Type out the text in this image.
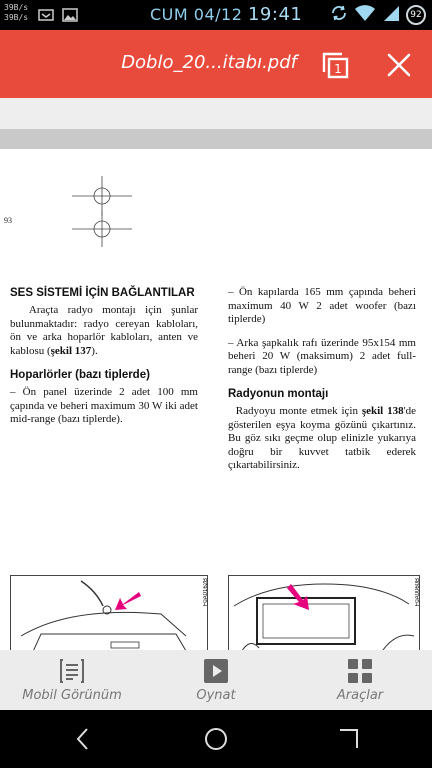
39B/s
39B/s	CUM 04/12 19:41	92
Doblo_20...itabı.pdf	1
93
SES SİSTEMİ İÇİN BAĞLANTILAR

Araçta radyo montajı için şunlar bulunmaktadır: radyo cereyan kabloları, ön ve arka hoparlör kabloları, anten ve kablosu (şekil 137).

Hoparlörler (bazı tiplerde)

– Ön panel üzerinde 2 adet 100 mm çapında ve beheri maximum 30 W iki adet mid-range (bazı tiplerde).

– Ön kapılarda 165 mm çapında beheri maximum 40 W 2 adet woofer (bazı tiplerde)

– Arka şapkalık rafı üzerinde 95x154 mm beheri 20 W (maksimum) 2 adet full-range (bazı tiplerde)

Radyonun montajı

Radyoyu monte etmek için şekil 138'de gösterilen eşya koyma gözünü çıkartınız. Bu göz sıkı geçme olup elinizle yukarıya doğru bir kuvvet tatbik ederek çıkartabilirsiniz.

F0A0162B	F0A0060B
Mobil Görünüm	Oynat	Araçlar
